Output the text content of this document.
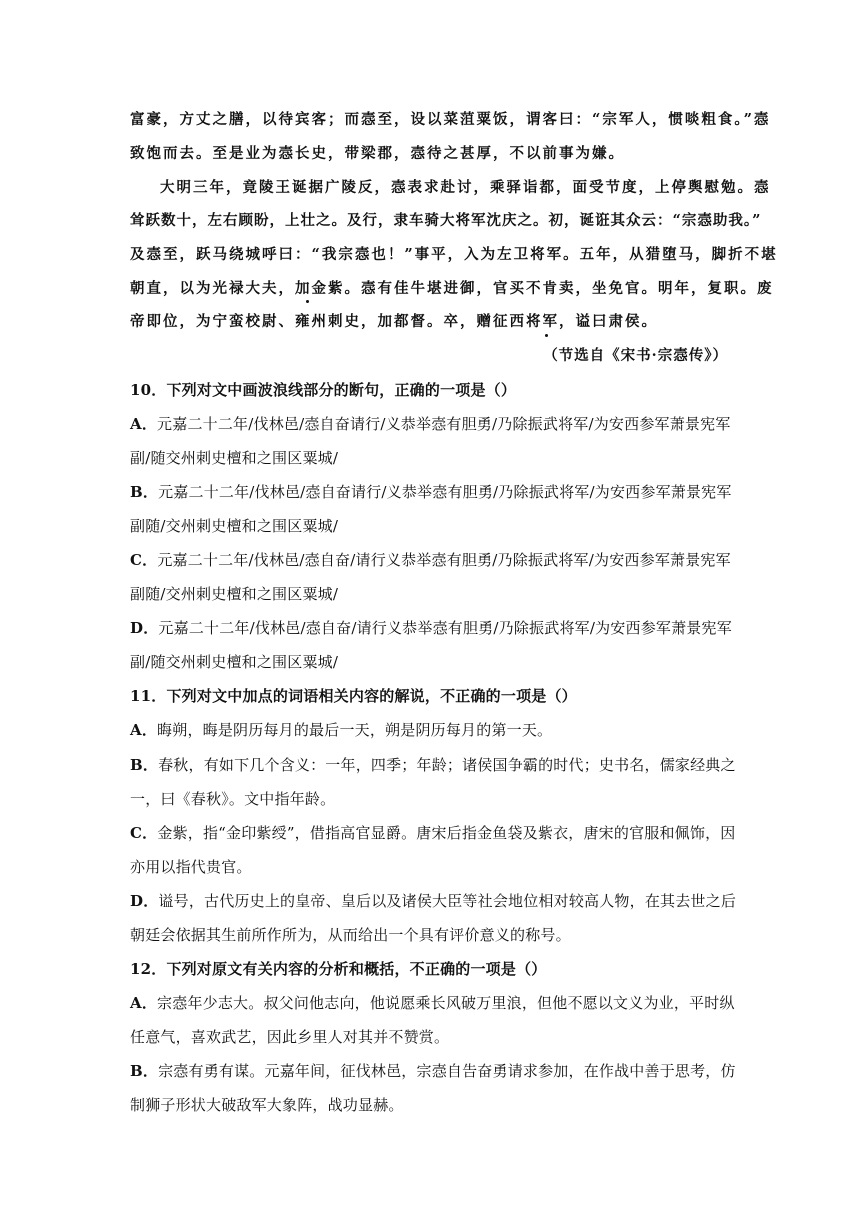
富豪，方丈之膳，以待宾客；而悫至，设以菜菹粟饭，谓客曰：“宗军人，惯啖粗食。”悫
致饱而去。至是业为悫长史，带梁郡，悫待之甚厚，不以前事为嫌。
大明三年，竟陵王诞据广陵反，悫表求赴讨，乘驿诣都，面受节度，上停舆慰勉。悫
耸跃数十，左右顾盼，上壮之。及行，隶车骑大将军沈庆之。初，诞诳其众云：“宗悫助我。”
及悫至，跃马绕城呼曰：“我宗悫也！”事平，入为左卫将军。五年，从猎堕马，脚折不堪
朝直，以为光禄大夫，加金紫。悫有佳牛堪进御，官买不肯卖，坐免官。明年，复职。废
帝即位，为宁蛮校尉、雍州刺史，加都督。卒，赠征西将军，谥曰肃侯。
（节选自《宋书·宗悫传》）
10．下列对文中画波浪线部分的断句，正确的一项是（）
A．元嘉二十二年/伐林邑/悫自奋请行/义恭举悫有胆勇/乃除振武将军/为安西参军萧景宪军
副/随交州刺史檀和之围区粟城/
B．元嘉二十二年/伐林邑/悫自奋请行/义恭举悫有胆勇/乃除振武将军/为安西参军萧景宪军
副随/交州刺史檀和之围区粟城/
C．元嘉二十二年/伐林邑/悫自奋/请行义恭举悫有胆勇/乃除振武将军/为安西参军萧景宪军
副随/交州刺史檀和之围区粟城/
D．元嘉二十二年/伐林邑/悫自奋/请行义恭举悫有胆勇/乃除振武将军/为安西参军萧景宪军
副/随交州刺史檀和之围区粟城/
11．下列对文中加点的词语相关内容的解说，不正确的一项是（）
A．晦朔，晦是阴历每月的最后一天，朔是阴历每月的第一天。
B．春秋，有如下几个含义：一年，四季；年龄；诸侯国争霸的时代；史书名，儒家经典之
一，曰《春秋》。文中指年龄。
C．金紫，指“金印紫绶”，借指高官显爵。唐宋后指金鱼袋及紫衣，唐宋的官服和佩饰，因
亦用以指代贵官。
D．谥号，古代历史上的皇帝、皇后以及诸侯大臣等社会地位相对较高人物，在其去世之后
朝廷会依据其生前所作所为，从而给出一个具有评价意义的称号。
12．下列对原文有关内容的分析和概括，不正确的一项是（）
A．宗悫年少志大。叔父问他志向，他说愿乘长风破万里浪，但他不愿以文义为业，平时纵
任意气，喜欢武艺，因此乡里人对其并不赞赏。
B．宗悫有勇有谋。元嘉年间，征伐林邑，宗悫自告奋勇请求参加，在作战中善于思考，仿
制狮子形状大破敌军大象阵，战功显赫。
